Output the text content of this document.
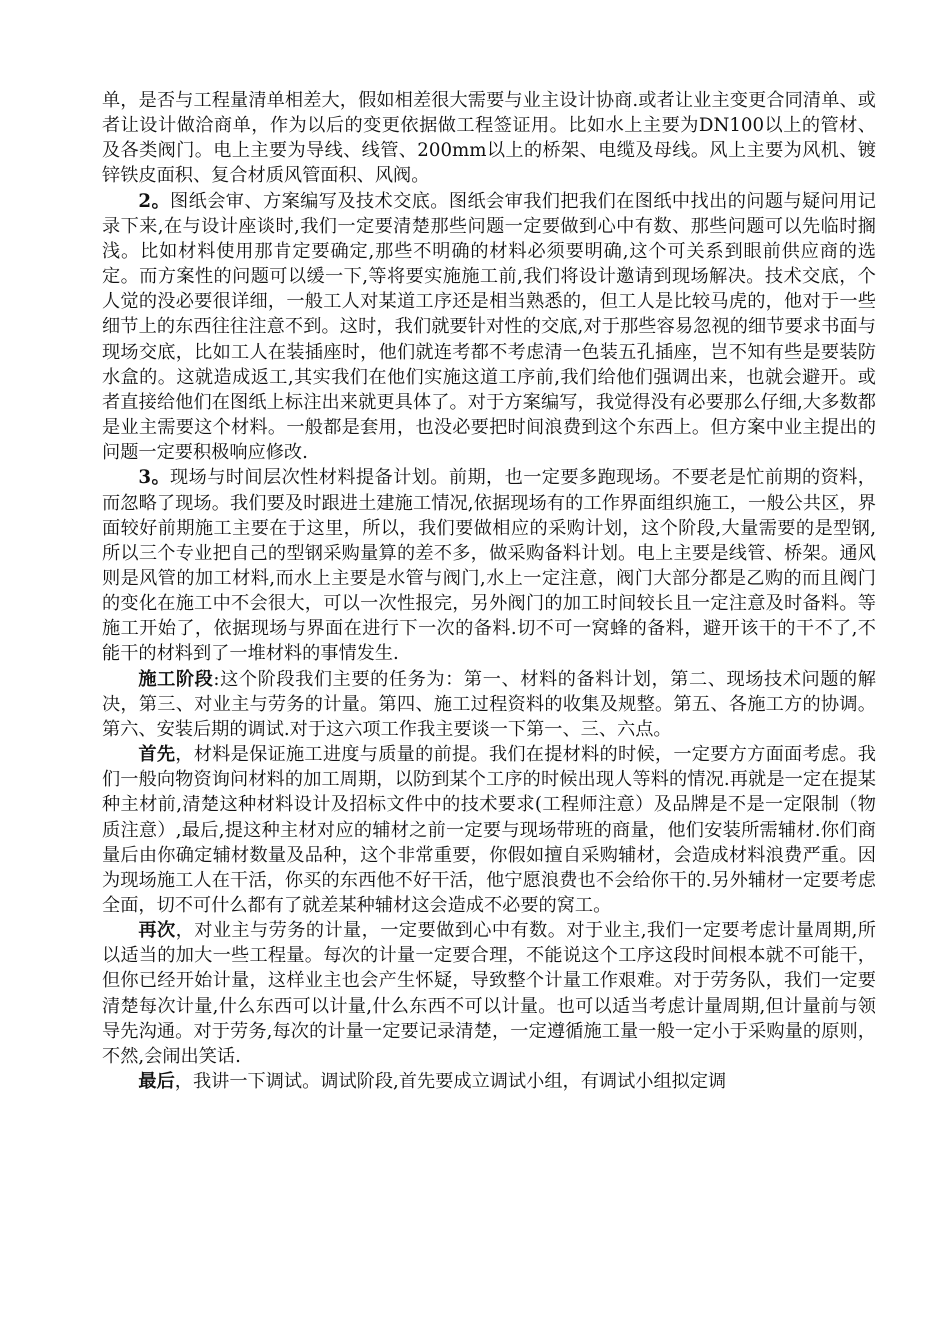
单，是否与工程量清单相差大，假如相差很大需要与业主设计协商.或者让业主变更合同清单、或者让设计做洽商单，作为以后的变更依据做工程签证用。比如水上主要为DN100以上的管材、及各类阀门。电上主要为导线、线管、200mm以上的桥架、电缆及母线。风上主要为风机、镀锌铁皮面积、复合材质风管面积、风阀。

2。图纸会审、方案编写及技术交底。图纸会审我们把我们在图纸中找出的问题与疑问用记录下来,在与设计座谈时,我们一定要清楚那些问题一定要做到心中有数、那些问题可以先临时搁浅。比如材料使用那肯定要确定,那些不明确的材料必须要明确,这个可关系到眼前供应商的选定。而方案性的问题可以缓一下,等将要实施施工前,我们将设计邀请到现场解决。技术交底，个人觉的没必要很详细，一般工人对某道工序还是相当熟悉的，但工人是比较马虎的，他对于一些细节上的东西往往注意不到。这时，我们就要针对性的交底,对于那些容易忽视的细节要求书面与现场交底，比如工人在装插座时，他们就连考都不考虑清一色装五孔插座，岂不知有些是要装防水盒的。这就造成返工,其实我们在他们实施这道工序前,我们给他们强调出来，也就会避开。或者直接给他们在图纸上标注出来就更具体了。对于方案编写，我觉得没有必要那么仔细,大多数都是业主需要这个材料。一般都是套用，也没必要把时间浪费到这个东西上。但方案中业主提出的问题一定要积极响应修改.

3。现场与时间层次性材料提备计划。前期，也一定要多跑现场。不要老是忙前期的资料，而忽略了现场。我们要及时跟进土建施工情况,依据现场有的工作界面组织施工，一般公共区，界面较好前期施工主要在于这里，所以，我们要做相应的采购计划，这个阶段,大量需要的是型钢,所以三个专业把自己的型钢采购量算的差不多，做采购备料计划。电上主要是线管、桥架。通风则是风管的加工材料,而水上主要是水管与阀门,水上一定注意，阀门大部分都是乙购的而且阀门的变化在施工中不会很大，可以一次性报完，另外阀门的加工时间较长且一定注意及时备料。等施工开始了，依据现场与界面在进行下一次的备料.切不可一窝蜂的备料，避开该干的干不了,不能干的材料到了一堆材料的事情发生.

施工阶段:这个阶段我们主要的任务为：第一、材料的备料计划，第二、现场技术问题的解决，第三、对业主与劳务的计量。第四、施工过程资料的收集及规整。第五、各施工方的协调。第六、安装后期的调试.对于这六项工作我主要谈一下第一、三、六点。

首先，材料是保证施工进度与质量的前提。我们在提材料的时候，一定要方方面面考虑。我们一般向物资询问材料的加工周期，以防到某个工序的时候出现人等料的情况.再就是一定在提某种主材前,清楚这种材料设计及招标文件中的技术要求(工程师注意）及品牌是不是一定限制（物质注意）,最后,提这种主材对应的辅材之前一定要与现场带班的商量，他们安装所需辅材.你们商量后由你确定辅材数量及品种，这个非常重要，你假如擅自采购辅材，会造成材料浪费严重。因为现场施工人在干活，你买的东西他不好干活，他宁愿浪费也不会给你干的.另外辅材一定要考虑全面，切不可什么都有了就差某种辅材这会造成不必要的窝工。

再次，对业主与劳务的计量，一定要做到心中有数。对于业主,我们一定要考虑计量周期,所以适当的加大一些工程量。每次的计量一定要合理，不能说这个工序这段时间根本就不可能干，但你已经开始计量，这样业主也会产生怀疑，导致整个计量工作艰难。对于劳务队，我们一定要清楚每次计量,什么东西可以计量,什么东西不可以计量。也可以适当考虑计量周期,但计量前与领导先沟通。对于劳务,每次的计量一定要记录清楚，一定遵循施工量一般一定小于采购量的原则，不然,会闹出笑话.

最后，我讲一下调试。调试阶段,首先要成立调试小组，有调试小组拟定调
